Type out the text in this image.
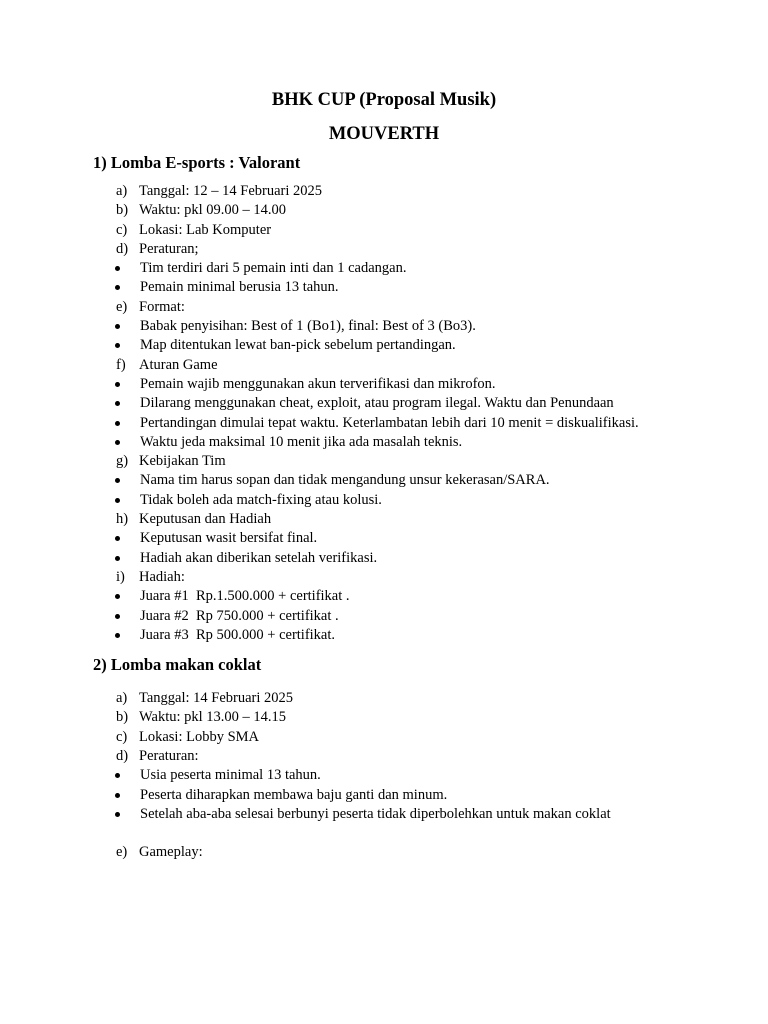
BHK CUP (Proposal Musik)
MOUVERTH
1) Lomba E-sports : Valorant
a) Tanggal: 12 – 14 Februari 2025
b) Waktu: pkl 09.00 – 14.00
c) Lokasi: Lab Komputer
d) Peraturan;
Tim terdiri dari 5 pemain inti dan 1 cadangan.
Pemain minimal berusia 13 tahun.
e) Format:
Babak penyisihan: Best of 1 (Bo1), final: Best of 3 (Bo3).
Map ditentukan lewat ban-pick sebelum pertandingan.
f) Aturan Game
Pemain wajib menggunakan akun terverifikasi dan mikrofon.
Dilarang menggunakan cheat, exploit, atau program ilegal. Waktu dan Penundaan
Pertandingan dimulai tepat waktu. Keterlambatan lebih dari 10 menit = diskualifikasi.
Waktu jeda maksimal 10 menit jika ada masalah teknis.
g) Kebijakan Tim
Nama tim harus sopan dan tidak mengandung unsur kekerasan/SARA.
Tidak boleh ada match-fixing atau kolusi.
h) Keputusan dan Hadiah
Keputusan wasit bersifat final.
Hadiah akan diberikan setelah verifikasi.
i) Hadiah:
Juara #1  Rp.1.500.000 + certifikat .
Juara #2  Rp 750.000 + certifikat .
Juara #3  Rp 500.000 + certifikat.
2) Lomba makan coklat
a) Tanggal: 14 Februari 2025
b) Waktu: pkl 13.00 – 14.15
c) Lokasi: Lobby SMA
d) Peraturan:
Usia peserta minimal 13 tahun.
Peserta diharapkan membawa baju ganti dan minum.
Setelah aba-aba selesai berbunyi peserta tidak diperbolehkan untuk makan coklat
e) Gameplay:
